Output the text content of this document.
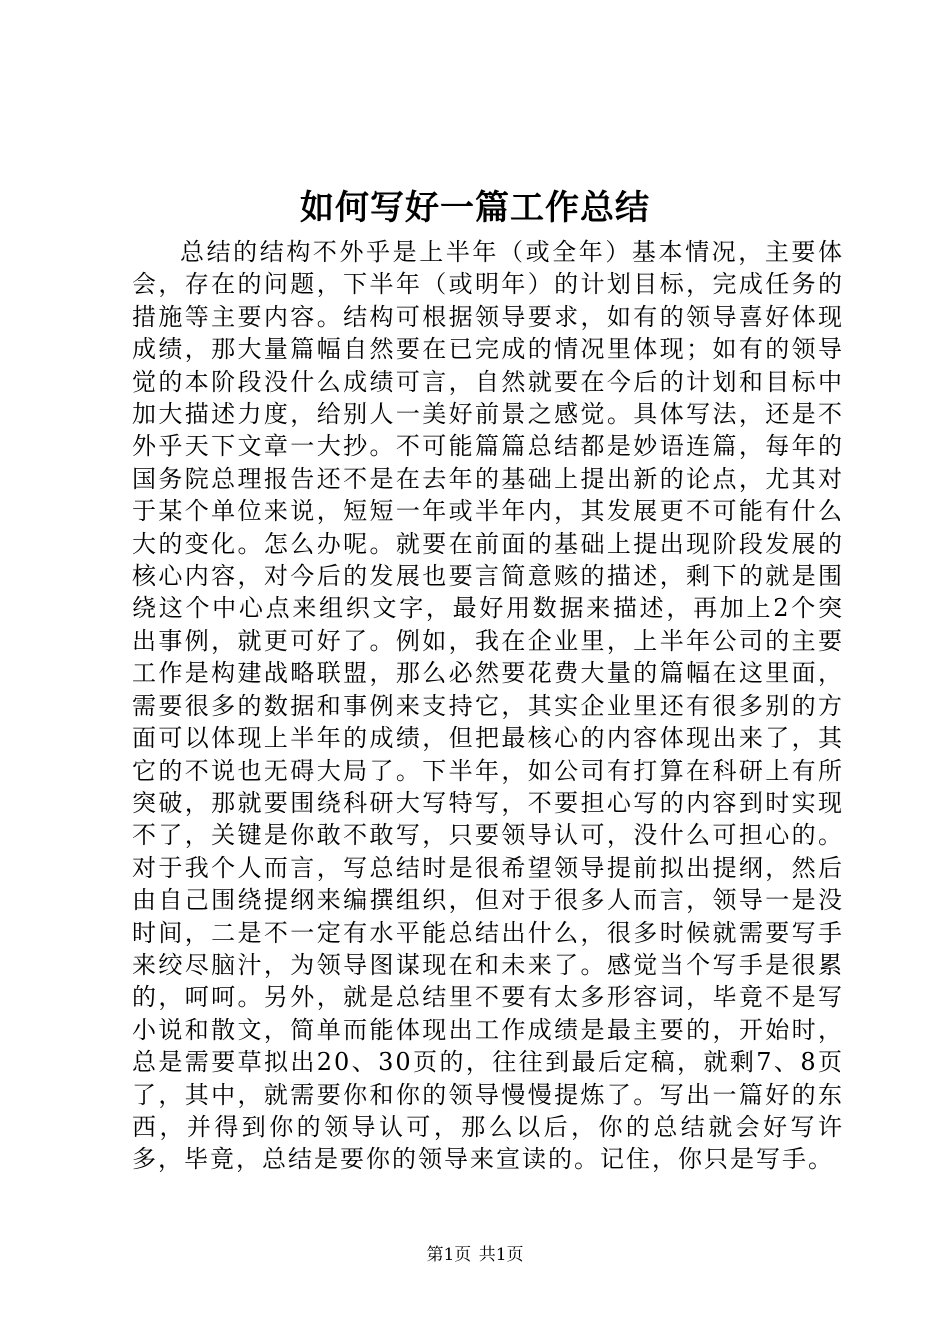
如何写好一篇工作总结

总结的结构不外乎是上半年（或全年）基本情况，主要体会，存在的问题，下半年（或明年）的计划目标，完成任务的措施等主要内容。结构可根据领导要求，如有的领导喜好体现成绩，那大量篇幅自然要在已完成的情况里体现；如有的领导觉的本阶段没什么成绩可言，自然就要在今后的计划和目标中加大描述力度，给别人一美好前景之感觉。具体写法，还是不外乎天下文章一大抄。不可能篇篇总结都是妙语连篇，每年的国务院总理报告还不是在去年的基础上提出新的论点，尤其对于某个单位来说，短短一年或半年内，其发展更不可能有什么大的变化。怎么办呢。就要在前面的基础上提出现阶段发展的核心内容，对今后的发展也要言简意赅的描述，剩下的就是围绕这个中心点来组织文字，最好用数据来描述，再加上2个突出事例，就更可好了。例如，我在企业里，上半年公司的主要工作是构建战略联盟，那么必然要花费大量的篇幅在这里面，需要很多的数据和事例来支持它，其实企业里还有很多别的方面可以体现上半年的成绩，但把最核心的内容体现出来了，其它的不说也无碍大局了。下半年，如公司有打算在科研上有所突破，那就要围绕科研大写特写，不要担心写的内容到时实现不了，关键是你敢不敢写，只要领导认可，没什么可担心的。对于我个人而言，写总结时是很希望领导提前拟出提纲，然后由自己围绕提纲来编撰组织，但对于很多人而言，领导一是没时间，二是不一定有水平能总结出什么，很多时候就需要写手来绞尽脑汁，为领导图谋现在和未来了。感觉当个写手是很累的，呵呵。另外，就是总结里不要有太多形容词，毕竟不是写小说和散文，简单而能体现出工作成绩是最主要的，开始时，总是需要草拟出20、30页的，往往到最后定稿，就剩7、8页了，其中，就需要你和你的领导慢慢提炼了。写出一篇好的东西，并得到你的领导认可，那么以后，你的总结就会好写许多，毕竟，总结是要你的领导来宣读的。记住，你只是写手。

第1页 共1页
